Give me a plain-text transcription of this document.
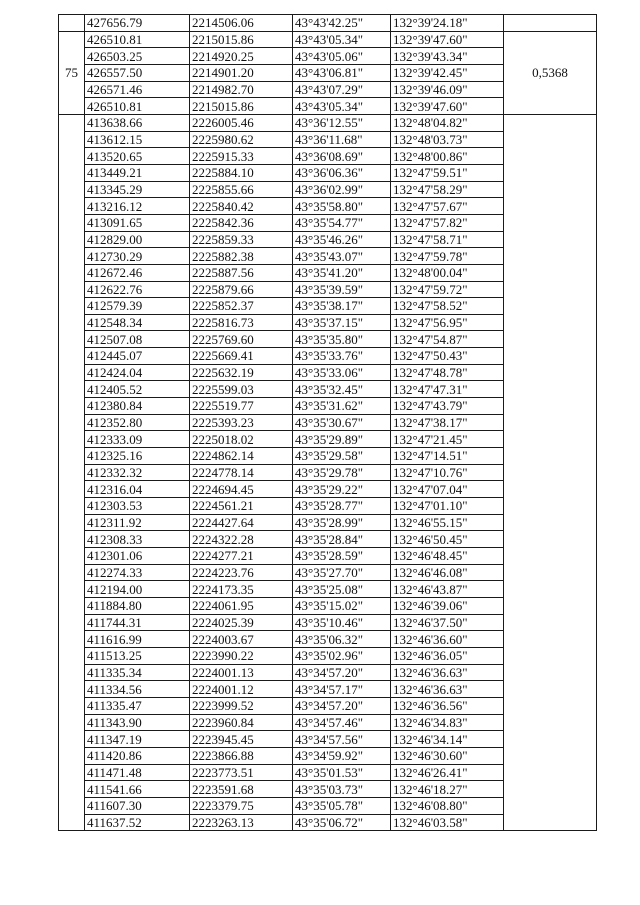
	427656.79	2214506.06	43°43'42.25"	132°39'24.18"	
75	426510.81	2215015.86	43°43'05.34"	132°39'47.60"	0,5368
	426503.25	2214920.25	43°43'05.06"	132°39'43.34"	
	426557.50	2214901.20	43°43'06.81"	132°39'42.45"	
	426571.46	2214982.70	43°43'07.29"	132°39'46.09"	
	426510.81	2215015.86	43°43'05.34"	132°39'47.60"	
	413638.66	2226005.46	43°36'12.55"	132°48'04.82"	
	413612.15	2225980.62	43°36'11.68"	132°48'03.73"	
	413520.65	2225915.33	43°36'08.69"	132°48'00.86"	
	413449.21	2225884.10	43°36'06.36"	132°47'59.51"	
	413345.29	2225855.66	43°36'02.99"	132°47'58.29"	
	413216.12	2225840.42	43°35'58.80"	132°47'57.67"	
	413091.65	2225842.36	43°35'54.77"	132°47'57.82"	
	412829.00	2225859.33	43°35'46.26"	132°47'58.71"	
	412730.29	2225882.38	43°35'43.07"	132°47'59.78"	
	412672.46	2225887.56	43°35'41.20"	132°48'00.04"	
	412622.76	2225879.66	43°35'39.59"	132°47'59.72"	
	412579.39	2225852.37	43°35'38.17"	132°47'58.52"	
	412548.34	2225816.73	43°35'37.15"	132°47'56.95"	
	412507.08	2225769.60	43°35'35.80"	132°47'54.87"	
	412445.07	2225669.41	43°35'33.76"	132°47'50.43"	
	412424.04	2225632.19	43°35'33.06"	132°47'48.78"	
	412405.52	2225599.03	43°35'32.45"	132°47'47.31"	
	412380.84	2225519.77	43°35'31.62"	132°47'43.79"	
	412352.80	2225393.23	43°35'30.67"	132°47'38.17"	
	412333.09	2225018.02	43°35'29.89"	132°47'21.45"	
	412325.16	2224862.14	43°35'29.58"	132°47'14.51"	
	412332.32	2224778.14	43°35'29.78"	132°47'10.76"	
	412316.04	2224694.45	43°35'29.22"	132°47'07.04"	
	412303.53	2224561.21	43°35'28.77"	132°47'01.10"	
	412311.92	2224427.64	43°35'28.99"	132°46'55.15"	
	412308.33	2224322.28	43°35'28.84"	132°46'50.45"	
	412301.06	2224277.21	43°35'28.59"	132°46'48.45"	
	412274.33	2224223.76	43°35'27.70"	132°46'46.08"	
	412194.00	2224173.35	43°35'25.08"	132°46'43.87"	
	411884.80	2224061.95	43°35'15.02"	132°46'39.06"	
	411744.31	2224025.39	43°35'10.46"	132°46'37.50"	
	411616.99	2224003.67	43°35'06.32"	132°46'36.60"	
	411513.25	2223990.22	43°35'02.96"	132°46'36.05"	
	411335.34	2224001.13	43°34'57.20"	132°46'36.63"	
	411334.56	2224001.12	43°34'57.17"	132°46'36.63"	
	411335.47	2223999.52	43°34'57.20"	132°46'36.56"	
	411343.90	2223960.84	43°34'57.46"	132°46'34.83"	
	411347.19	2223945.45	43°34'57.56"	132°46'34.14"	
	411420.86	2223866.88	43°34'59.92"	132°46'30.60"	
	411471.48	2223773.51	43°35'01.53"	132°46'26.41"	
	411541.66	2223591.68	43°35'03.73"	132°46'18.27"	
	411607.30	2223379.75	43°35'05.78"	132°46'08.80"	
	411637.52	2223263.13	43°35'06.72"	132°46'03.58"	
